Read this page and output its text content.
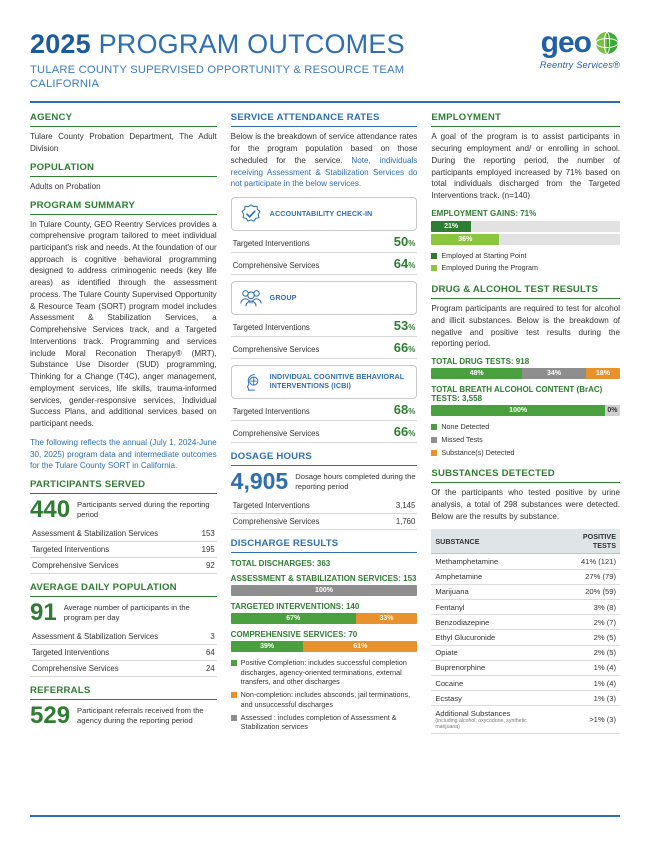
2025 PROGRAM OUTCOMES
TULARE COUNTY SUPERVISED OPPORTUNITY & RESOURCE TEAM
CALIFORNIA
geo
Reentry Services®
AGENCY

Tulare County Probation Department, The Adult Division

POPULATION

Adults on Probation

PROGRAM SUMMARY

In Tulare County, GEO Reentry Services provides a comprehensive program tailored to meet individual participant's risk and needs. At the foundation of our approach is cognitive behavioral programming designed to address criminogenic needs (key life areas) as identified through the assessment process. The Tulare County Supervised Opportunity & Resource Team (SORT) program model includes Assessment & Stabilization Services, a Comprehensive Services track, and a Targeted Interventions track. Programming and services include Moral Reconation Therapy® (MRT), Substance Use Disorder (SUD) programming, Thinking for a Change (T4C), anger management, employment services, life skills, trauma-informed services, gender-responsive services, Individual Success Plans, and additional services based on participant needs.

The following reflects the annual (July 1, 2024-June 30, 2025) program data and intermediate outcomes for the Tulare County SORT in California.

PARTICIPANTS SERVED
440 Participants served during the reporting period
Assessment & Stabilization Services	153
Targeted Interventions	195
Comprehensive Services	92
AVERAGE DAILY POPULATION
91 Average number of participants in the program per day
Assessment & Stabilization Services	3
Targeted Interventions	64
Comprehensive Services	24
REFERRALS
529 Participant referrals received from the agency during the reporting period
SERVICE ATTENDANCE RATES

Below is the breakdown of service attendance rates for the program population based on those scheduled for the service. Note, individuals receiving Assessment & Stabilization Services do not participate in the below services.

ACCOUNTABILITY CHECK-IN
Targeted Interventions	50%
Comprehensive Services	64%
GROUP
Targeted Interventions	53%
Comprehensive Services	66%
INDIVIDUAL COGNITIVE BEHAVIORAL INTERVENTIONS (ICBI)
Targeted Interventions	68%
Comprehensive Services	66%
DOSAGE HOURS
4,905 Dosage hours completed during the reporting period
Targeted Interventions	3,145
Comprehensive Services	1,760
DISCHARGE RESULTS
TOTAL DISCHARGES: 363
ASSESSMENT & STABILIZATION SERVICES: 153
100%
TARGETED INTERVENTIONS: 140
67%	33%
COMPREHENSIVE SERVICES: 70
39%	61%
Positive Completion: includes successful completion discharges, agency-oriented terminations, external transfers, and other discharges
Non-completion: includes absconds, jail terminations, and unsuccessful discharges
Assessed : includes completion of Assessment & Stabilization services
EMPLOYMENT

A goal of the program is to assist participants in securing employment and/ or enrolling in school. During the reporting period, the number of participants employed increased by 71% based on total individuals discharged from the Targeted Interventions track. (n=140)

EMPLOYMENT GAINS: 71%
21%
36%
Employed at Starting Point
Employed During the Program
DRUG & ALCOHOL TEST RESULTS

Program participants are required to test for alcohol and illicit substances. Below is the breakdown of negative and positive test results during the reporting period.

TOTAL DRUG TESTS: 918
48%	34%	18%
TOTAL BREATH ALCOHOL CONTENT (BrAC) TESTS: 3,558
100%	0%
None Detected
Missed Tests
Substance(s) Detected
SUBSTANCES DETECTED

Of the participants who tested positive by urine analysis, a total of 298 substances were detected. Below are the results by substance.

SUBSTANCE	POSITIVE TESTS
Methamphetamine	41% (121)
Amphetamine	27% (79)
Marijuana	20% (59)
Fentanyl	3% (8)
Benzodiazepine	2% (7)
Ethyl Glucuronide	2% (5)
Opiate	2% (5)
Buprenorphine	1% (4)
Cocaine	1% (4)
Ecstasy	1% (3)
Additional Substances
(including alcohol, oxycodone, synthetic marijuana)	>1% (3)
